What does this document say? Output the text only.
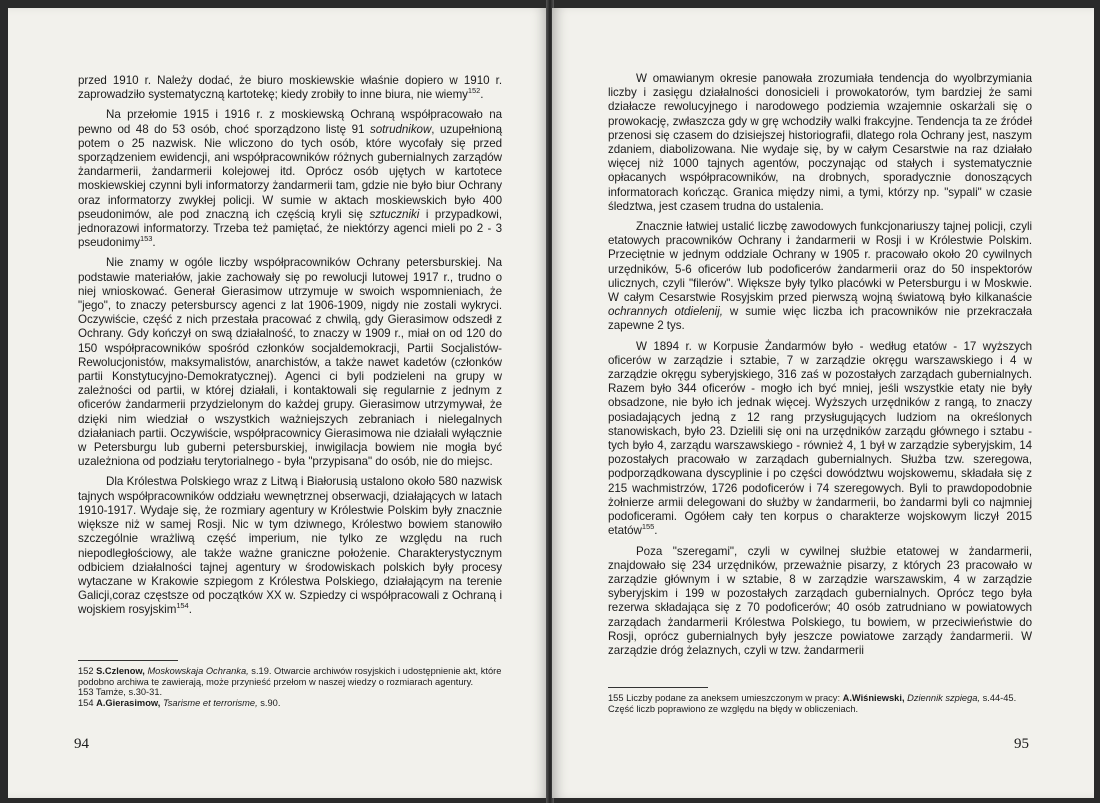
przed 1910 r. Należy dodać, że biuro moskiewskie właśnie dopiero w 1910 r. zaprowadziło systematyczną kartotekę; kiedy zrobiły to inne biura, nie wiemy$^{152}$.

Na przełomie 1915 i 1916 r. z moskiewską Ochraną współpracowało na pewno od 48 do 53 osób, choć sporządzono listę 91 sotrudnikow, uzupełnioną potem o 25 nazwisk. Nie wliczono do tych osób, które wycofały się przed sporządzeniem ewidencji, ani współpracowników różnych gubernialnych zarządów żandarmerii, żandarmerii kolejowej itd. Oprócz osób ujętych w kartotece moskiewskiej czynni byli informatorzy żandarmerii tam, gdzie nie było biur Ochrany oraz informatorzy zwykłej policji. W sumie w aktach moskiewskich było 400 pseudonimów, ale pod znaczną ich częścią kryli się sztuczniki i przypadkowi, jednorazowi informatorzy. Trzeba też pamiętać, że niektórzy agenci mieli po 2 - 3 pseudonimy$^{153}$.

Nie znamy w ogóle liczby współpracowników Ochrany petersburskiej. Na podstawie materiałów, jakie zachowały się po rewolucji lutowej 1917 r., trudno o niej wnioskować. Generał Gierasimow utrzymuje w swoich wspomnieniach, że "jego", to znaczy petersburscy agenci z lat 1906-1909, nigdy nie zostali wykryci. Oczywiście, część z nich przestała pracować z chwilą, gdy Gierasimow odszedł z Ochrany. Gdy kończył on swą działalność, to znaczy w 1909 r., miał on od 120 do 150 współpracowników spośród członków socjaldemokracji, Partii Socjalistów-Rewolucjonistów, maksymalistów, anarchistów, a także nawet kadetów (członków partii Konstytucyjno-Demokratycznej). Agenci ci byli podzieleni na grupy w zależności od partii, w której działali, i kontaktowali się regularnie z jednym z oficerów żandarmerii przydzielonym do każdej grupy. Gierasimow utrzymywał, że dzięki nim wiedział o wszystkich ważniejszych zebraniach i nielegalnych działaniach partii. Oczywiście, współpracownicy Gierasimowa nie działali wyłącznie w Petersburgu lub guberni petersburskiej, inwigilacja bowiem nie mogła być uzależniona od podziału terytorialnego - była "przypisana" do osób, nie do miejsc.

Dla Królestwa Polskiego wraz z Litwą i Białorusią ustalono około 580 nazwisk tajnych współpracowników oddziału wewnętrznej obserwacji, działających w latach 1910-1917. Wydaje się, że rozmiary agentury w Królestwie Polskim były znacznie większe niż w samej Rosji. Nic w tym dziwnego, Królestwo bowiem stanowiło szczególnie wrażliwą część imperium, nie tylko ze względu na ruch niepodległościowy, ale także ważne graniczne położenie. Charakterystycznym odbiciem działalności tajnej agentury w środowiskach polskich były procesy wytaczane w Krakowie szpiegom z Królestwa Polskiego, działającym na terenie Galicji,coraz częstsze od początków XX w. Szpiedzy ci współpracowali z Ochraną i wojskiem rosyjskim$^{154}$.

152 S.Czlenow, Moskowskaja Ochranka, s.19. Otwarcie archiwów rosyjskich i udostępnienie akt, które podobno archiwa te zawierają, może przynieść przełom w naszej wiedzy o rozmiarach agentury.
153 Tamże, s.30-31.
154 A.Gierasimow, Tsarisme et terrorisme, s.90.
94

W omawianym okresie panowała zrozumiała tendencja do wyolbrzymiania liczby i zasięgu działalności donosicieli i prowokatorów, tym bardziej że sami działacze rewolucyjnego i narodowego podziemia wzajemnie oskarżali się o prowokację, zwłaszcza gdy w grę wchodziły walki frakcyjne. Tendencja ta ze źródeł przenosi się czasem do dzisiejszej historiografii, dlatego rola Ochrany jest, naszym zdaniem, diabolizowana. Nie wydaje się, by w całym Cesarstwie na raz działało więcej niż 1000 tajnych agentów, poczynając od stałych i systematycznie opłacanych współpracowników, na drobnych, sporadycznie donoszących informatorach kończąc. Granica między nimi, a tymi, którzy np. "sypali" w czasie śledztwa, jest czasem trudna do ustalenia.

Znacznie łatwiej ustalić liczbę zawodowych funkcjonariuszy tajnej policji, czyli etatowych pracowników Ochrany i żandarmerii w Rosji i w Królestwie Polskim. Przeciętnie w jednym oddziale Ochrany w 1905 r. pracowało około 20 cywilnych urzędników, 5-6 oficerów lub podoficerów żandarmerii oraz do 50 inspektorów ulicznych, czyli "filerów". Większe były tylko placówki w Petersburgu i w Moskwie. W całym Cesarstwie Rosyjskim przed pierwszą wojną światową było kilkanaście ochrannych otdielenij, w sumie więc liczba ich pracowników nie przekraczała zapewne 2 tys.

W 1894 r. w Korpusie Żandarmów było - według etatów - 17 wyższych oficerów w zarządzie i sztabie, 7 w zarządzie okręgu warszawskiego i 4 w zarządzie okręgu syberyjskiego, 316 zaś w pozostałych zarządach gubernialnych. Razem było 344 oficerów - mogło ich być mniej, jeśli wszystkie etaty nie były obsadzone, nie było ich jednak więcej. Wyższych urzędników z rangą, to znaczy posiadających jedną z 12 rang przysługujących ludziom na określonych stanowiskach, było 23. Dzielili się oni na urzędników zarządu głównego i sztabu - tych było 4, zarządu warszawskiego - również 4, 1 był w zarządzie syberyjskim, 14 pozostałych pracowało w zarządach gubernialnych. Służba tzw. szeregowa, podporządkowana dyscyplinie i po części dowództwu wojskowemu, składała się z 215 wachmistrzów, 1726 podoficerów i 74 szeregowych. Byli to prawdopodobnie żołnierze armii delegowani do służby w żandarmerii, bo żandarmi byli co najmniej podoficerami. Ogółem cały ten korpus o charakterze wojskowym liczył 2015 etatów$^{155}$.

Poza "szeregami", czyli w cywilnej służbie etatowej w żandarmerii, znajdowało się 234 urzędników, przeważnie pisarzy, z których 23 pracowało w zarządzie głównym i w sztabie, 8 w zarządzie warszawskim, 4 w zarządzie syberyjskim i 199 w pozostałych zarządach gubernialnych. Oprócz tego była rezerwa składająca się z 70 podoficerów; 40 osób zatrudniano w powiatowych zarządach żandarmerii Królestwa Polskiego, tu bowiem, w przeciwieństwie do Rosji, oprócz gubernialnych były jeszcze powiatowe zarządy żandarmerii. W zarządzie dróg żelaznych, czyli w tzw. żandarmerii

155 Liczby podane za aneksem umieszczonym w pracy: A.Wiśniewski, Dziennik szpiega, s.44-45. Część liczb poprawiono ze względu na błędy w obliczeniach.
95
